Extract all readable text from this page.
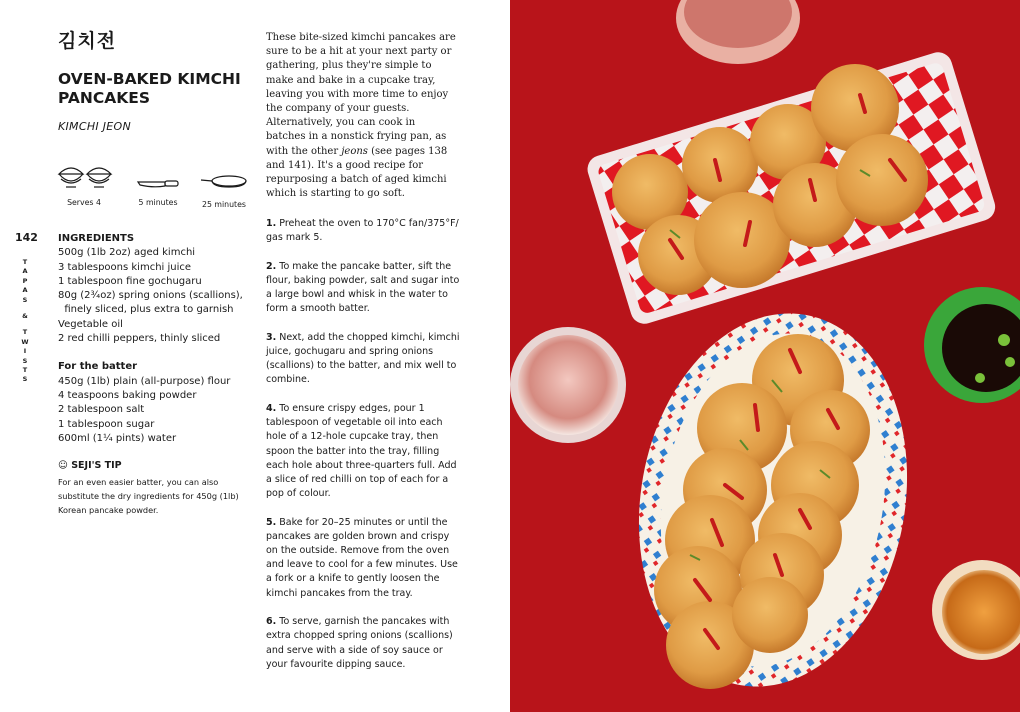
김치전
OVEN-BAKED KIMCHI PANCAKES
KIMCHI JEON
Serves 4	5 minutes	25 minutes
142
T
A
P
A
S
&
T
W
I
S
T
S
INGREDIENTS
500g (1lb 2oz) aged kimchi
3 tablespoons kimchi juice
1 tablespoon fine gochugaru
80g (2¾oz) spring onions (scallions),
finely sliced, plus extra to garnish
Vegetable oil
2 red chilli peppers, thinly sliced
For the batter
450g (1lb) plain (all-purpose) flour
4 teaspoons baking powder
2 tablespoon salt
1 tablespoon sugar
600ml (1¼ pints) water
☺ SEJI'S TIP
For an even easier batter, you can also substitute the dry ingredients for 450g (1lb) Korean pancake powder.
These bite-sized kimchi pancakes are sure to be a hit at your next party or gathering, plus they're simple to make and bake in a cupcake tray, leaving you with more time to enjoy the company of your guests. Alternatively, you can cook in batches in a nonstick frying pan, as with the other jeons (see pages 138 and 141). It's a good recipe for repurposing a batch of aged kimchi which is starting to go soft.
1. Preheat the oven to 170°C fan/375°F/ gas mark 5.
2. To make the pancake batter, sift the flour, baking powder, salt and sugar into a large bowl and whisk in the water to form a smooth batter.
3. Next, add the chopped kimchi, kimchi juice, gochugaru and spring onions (scallions) to the batter, and mix well to combine.
4. To ensure crispy edges, pour 1 tablespoon of vegetable oil into each hole of a 12-hole cupcake tray, then spoon the batter into the tray, filling each hole about three-quarters full. Add a slice of red chilli on top of each for a pop of colour.
5. Bake for 20–25 minutes or until the pancakes are golden brown and crispy on the outside. Remove from the oven and leave to cool for a few minutes. Use a fork or a knife to gently loosen the kimchi pancakes from the tray.
6. To serve, garnish the pancakes with extra chopped spring onions (scallions) and serve with a side of soy sauce or your favourite dipping sauce.
